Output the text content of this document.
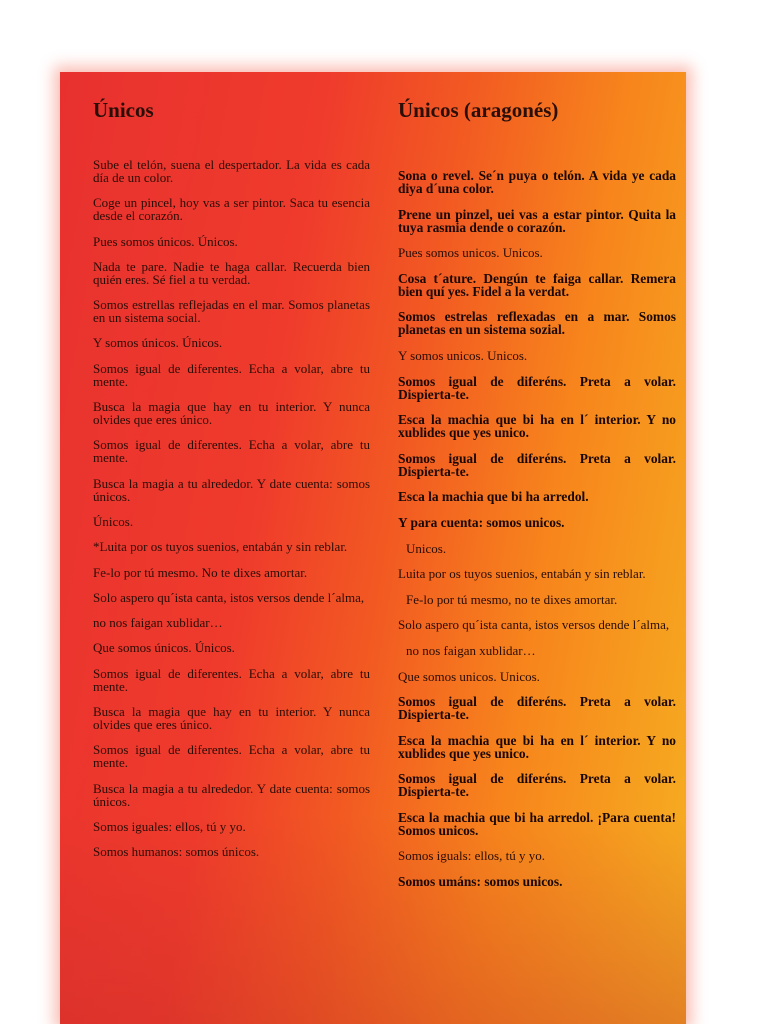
Únicos

Sube el telón, suena el despertador. La vida es cada día de un color.

Coge un pincel, hoy vas a ser pintor. Saca tu esencia desde el corazón.

Pues somos únicos. Únicos.

Nada te pare. Nadie te haga callar. Recuerda bien quién eres. Sé fiel a tu verdad.

Somos estrellas reflejadas en el mar. Somos planetas en un sistema social.

Y somos únicos. Únicos.

Somos igual de diferentes. Echa a volar, abre tu mente.

Busca la magia que hay en tu interior. Y nunca olvides que eres único.

Somos igual de diferentes. Echa a volar, abre tu mente.

Busca la magia a tu alrededor. Y date cuenta: somos únicos.

Únicos.

*Luita por os tuyos suenios, entabán y sin reblar.

Fe-lo por tú mesmo. No te dixes amortar.

Solo aspero qu´ista canta, istos versos dende l´alma,

no nos faigan xublidar…

Que somos únicos. Únicos.

Somos igual de diferentes. Echa a volar, abre tu mente.

Busca la magia que hay en tu interior. Y nunca olvides que eres único.

Somos igual de diferentes. Echa a volar, abre tu mente.

Busca la magia a tu alrededor. Y date cuenta: somos únicos.

Somos iguales: ellos, tú y yo.

Somos humanos: somos únicos.

Únicos (aragonés)

Sona o revel. Se´n puya o telón. A vida ye cada diya d´una color.

Prene un pinzel, uei vas a estar pintor. Quita la tuya rasmia dende o corazón.

Pues somos unicos. Unicos.

Cosa t´ature. Dengún te faiga callar. Remera bien quí yes. Fidel a la verdat.

Somos estrelas reflexadas en a mar. Somos planetas en un sistema sozial.

Y somos unicos. Unicos.

Somos igual de diferéns. Preta a volar. Dispierta-te.

Esca la machia que bi ha en l´ interior. Y no xublides que yes unico.

Somos igual de diferéns. Preta a volar. Dispierta-te.

Esca la machia que bi ha arredol.

Y para cuenta: somos unicos.

Unicos.

Luita por os tuyos suenios, entabán y sin reblar.

Fe-lo por tú mesmo, no te dixes amortar.

Solo aspero qu´ista canta, istos versos dende l´alma,

no nos faigan xublidar…

Que somos unicos. Unicos.

Somos igual de diferéns. Preta a volar. Dispierta-te.

Esca la machia que bi ha en l´ interior. Y no xublides que yes unico.

Somos igual de diferéns. Preta a volar. Dispierta-te.

Esca la machia que bi ha arredol. ¡Para cuenta! Somos unicos.

Somos iguals: ellos, tú y yo.

Somos umáns: somos unicos.
